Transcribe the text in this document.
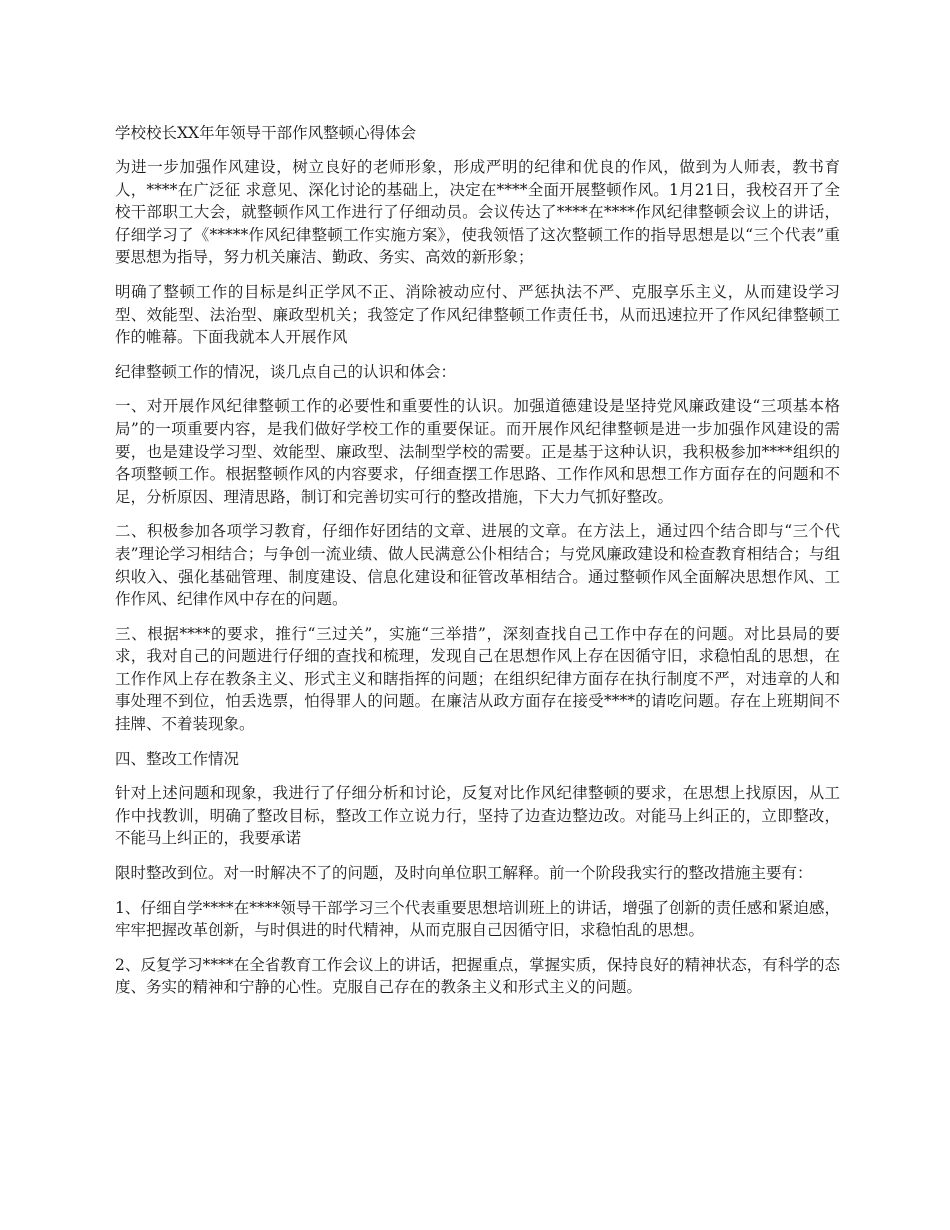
学校校长XX年年领导干部作风整顿心得体会

为进一步加强作风建设，树立良好的老师形象，形成严明的纪律和优良的作风，做到为人师表，教书育人，****在广泛征 求意见、深化讨论的基础上，决定在****全面开展整顿作风。1月21日，我校召开了全校干部职工大会，就整顿作风工作进行了仔细动员。会议传达了****在****作风纪律整顿会议上的讲话，仔细学习了《*****作风纪律整顿工作实施方案》，使我领悟了这次整顿工作的指导思想是以“三个代表”重要思想为指导，努力机关廉洁、勤政、务实、高效的新形象；

明确了整顿工作的目标是纠正学风不正、消除被动应付、严惩执法不严、克服享乐主义，从而建设学习型、效能型、法治型、廉政型机关；我签定了作风纪律整顿工作责任书，从而迅速拉开了作风纪律整顿工作的帷幕。下面我就本人开展作风

纪律整顿工作的情况，谈几点自己的认识和体会：

一、对开展作风纪律整顿工作的必要性和重要性的认识。加强道德建设是坚持党风廉政建设“三项基本格局”的一项重要内容，是我们做好学校工作的重要保证。而开展作风纪律整顿是进一步加强作风建设的需要，也是建设学习型、效能型、廉政型、法制型学校的需要。正是基于这种认识，我积极参加****组织的各项整顿工作。根据整顿作风的内容要求，仔细查摆工作思路、工作作风和思想工作方面存在的问题和不足，分析原因、理清思路，制订和完善切实可行的整改措施，下大力气抓好整改。

二、积极参加各项学习教育，仔细作好团结的文章、进展的文章。在方法上，通过四个结合即与“三个代表”理论学习相结合；与争创一流业绩、做人民满意公仆相结合；与党风廉政建设和检查教育相结合；与组织收入、强化基础管理、制度建设、信息化建设和征管改革相结合。通过整顿作风全面解决思想作风、工作作风、纪律作风中存在的问题。

三、根据****的要求，推行“三过关”，实施“三举措”，深刻查找自己工作中存在的问题。对比县局的要求，我对自己的问题进行仔细的查找和梳理，发现自己在思想作风上存在因循守旧，求稳怕乱的思想，在工作作风上存在教条主义、形式主义和瞎指挥的问题；在组织纪律方面存在执行制度不严，对违章的人和事处理不到位，怕丢选票，怕得罪人的问题。在廉洁从政方面存在接受****的请吃问题。存在上班期间不挂牌、不着装现象。

四、整改工作情况

针对上述问题和现象，我进行了仔细分析和讨论，反复对比作风纪律整顿的要求，在思想上找原因，从工作中找教训，明确了整改目标，整改工作立说力行，坚持了边查边整边改。对能马上纠正的，立即整改，不能马上纠正的，我要承诺

限时整改到位。对一时解决不了的问题，及时向单位职工解释。前一个阶段我实行的整改措施主要有：

1、仔细自学****在****领导干部学习三个代表重要思想培训班上的讲话，增强了创新的责任感和紧迫感，牢牢把握改革创新，与时俱进的时代精神，从而克服自己因循守旧，求稳怕乱的思想。

2、反复学习****在全省教育工作会议上的讲话，把握重点，掌握实质，保持良好的精神状态，有科学的态度、务实的精神和宁静的心性。克服自己存在的教条主义和形式主义的问题。
